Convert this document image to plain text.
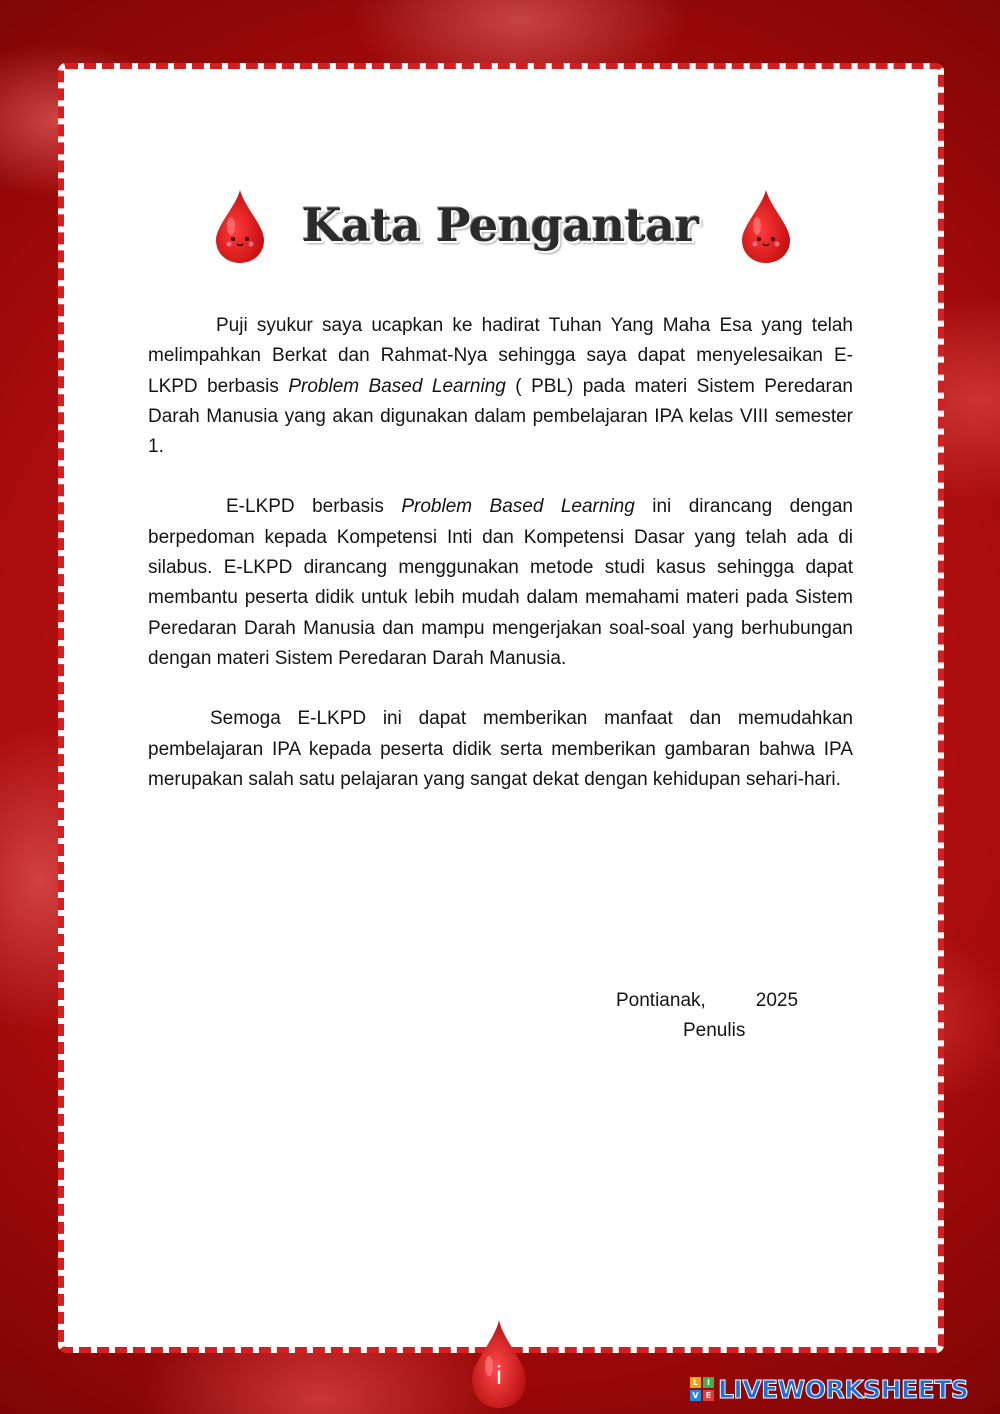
Kata Pengantar

Puji syukur saya ucapkan ke hadirat Tuhan Yang Maha Esa yang telah melimpahkan Berkat dan Rahmat-Nya sehingga saya dapat menyelesaikan E-LKPD berbasis Problem Based Learning ( PBL) pada materi Sistem Peredaran Darah Manusia yang akan digunakan dalam pembelajaran IPA kelas VIII semester 1.

E-LKPD berbasis Problem Based Learning ini dirancang dengan berpedoman kepada Kompetensi Inti dan Kompetensi Dasar yang telah ada di silabus. E-LKPD dirancang menggunakan metode studi kasus sehingga dapat membantu peserta didik untuk lebih mudah dalam memahami materi pada Sistem Peredaran Darah Manusia dan mampu mengerjakan soal-soal yang berhubungan dengan materi Sistem Peredaran Darah Manusia.

Semoga E-LKPD ini dapat memberikan manfaat dan memudahkan pembelajaran IPA kepada peserta didik serta memberikan gambaran bahwa IPA merupakan salah satu pelajaran yang sangat dekat dengan kehidupan sehari-hari.

Pontianak,	2025
Penulis
i	L	I
V E LIVEWORKSHEETS
